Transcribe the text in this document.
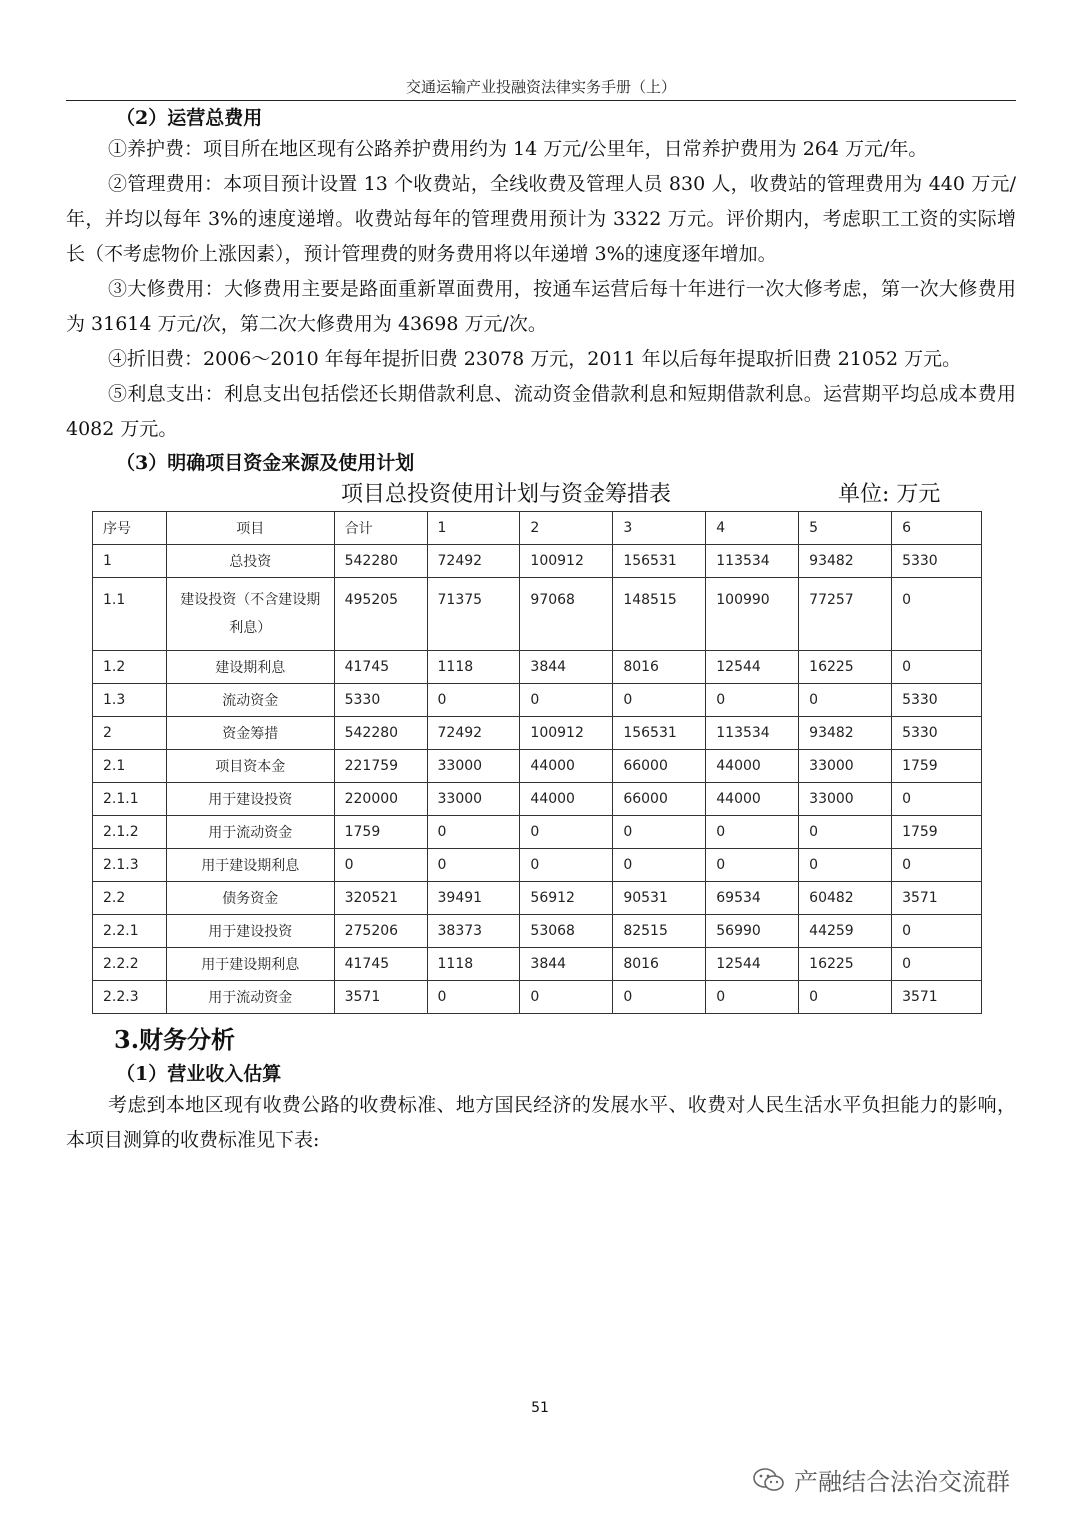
交通运输产业投融资法律实务手册（上）

（2）运营总费用

①养护费：项目所在地区现有公路养护费用约为 14 万元/公里年，日常养护费用为 264 万元/年。

②管理费用：本项目预计设置 13 个收费站，全线收费及管理人员 830 人，收费站的管理费用为 440 万元/年，并均以每年 3%的速度递增。收费站每年的管理费用预计为 3322 万元。评价期内，考虑职工工资的实际增长（不考虑物价上涨因素），预计管理费的财务费用将以年递增 3%的速度逐年增加。

③大修费用：大修费用主要是路面重新罩面费用，按通车运营后每十年进行一次大修考虑，第一次大修费用为 31614 万元/次，第二次大修费用为 43698 万元/次。

④折旧费：2006～2010 年每年提折旧费 23078 万元，2011 年以后每年提取折旧费 21052 万元。

⑤利息支出：利息支出包括偿还长期借款利息、流动资金借款利息和短期借款利息。运营期平均总成本费用 4082 万元。

（3）明确项目资金来源及使用计划

项目总投资使用计划与资金筹措表	单位: 万元
序号	项目	合计	1	2	3	4	5	6
1	总投资	542280	72492	100912	156531	113534	93482	5330
1.1	建设投资（不含建设期利息）	495205	71375	97068	148515	100990	77257	0
1.2	建设期利息	41745	1118	3844	8016	12544	16225	0
1.3	流动资金	5330	0	0	0	0	0	5330
2	资金筹措	542280	72492	100912	156531	113534	93482	5330
2.1	项目资本金	221759	33000	44000	66000	44000	33000	1759
2.1.1	用于建设投资	220000	33000	44000	66000	44000	33000	0
2.1.2	用于流动资金	1759	0	0	0	0	0	1759
2.1.3	用于建设期利息	0	0	0	0	0	0	0
2.2	债务资金	320521	39491	56912	90531	69534	60482	3571
2.2.1	用于建设投资	275206	38373	53068	82515	56990	44259	0
2.2.2	用于建设期利息	41745	1118	3844	8016	12544	16225	0
2.2.3	用于流动资金	3571	0	0	0	0	0	3571

3.财务分析

（1）营业收入估算

考虑到本地区现有收费公路的收费标准、地方国民经济的发展水平、收费对人民生活水平负担能力的影响，本项目测算的收费标准见下表:

51
产融结合法治交流群
